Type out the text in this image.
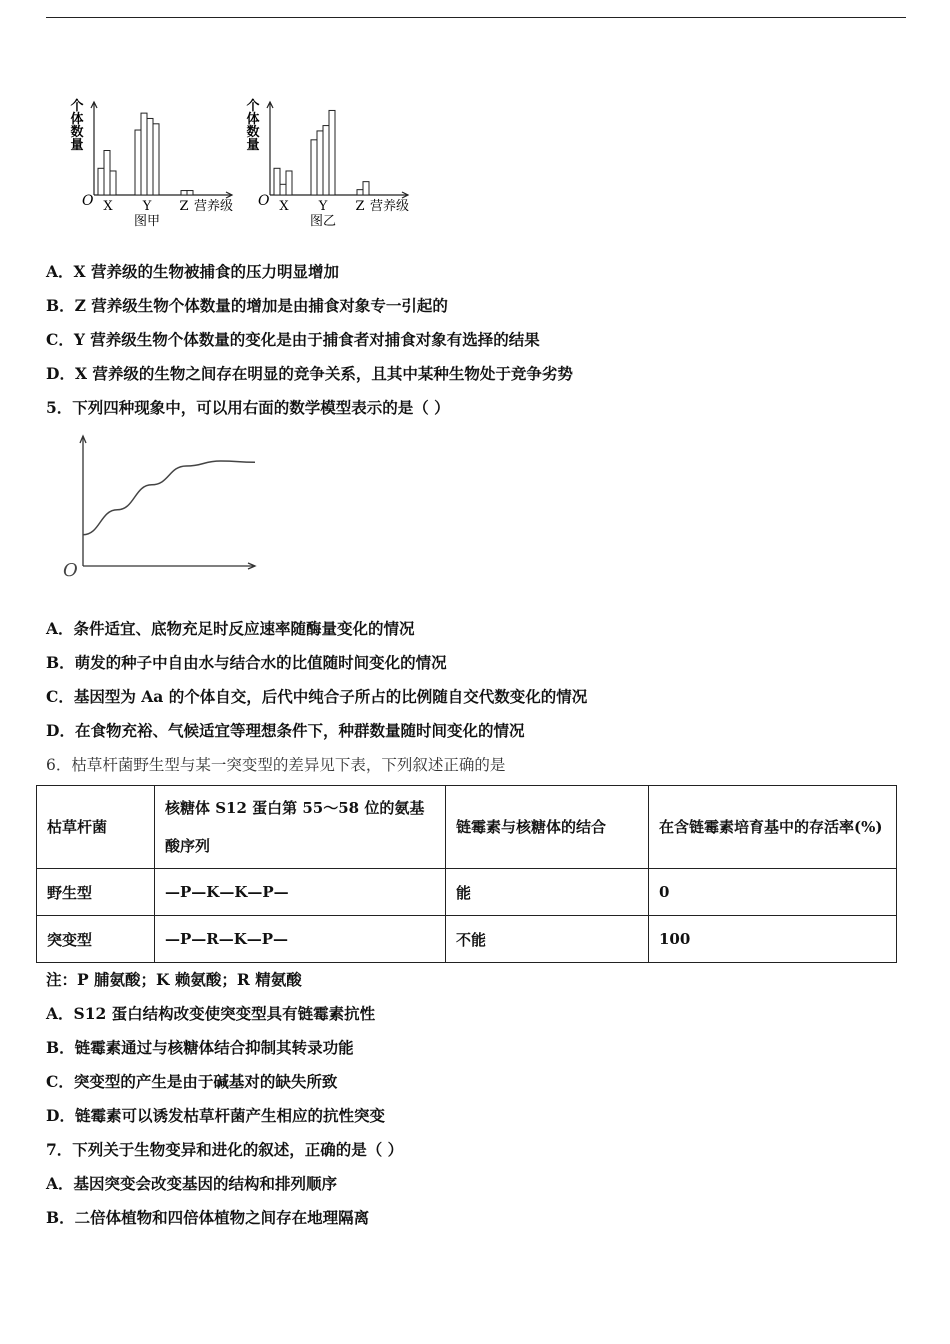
个体数量
O X Y Z 营养级
图甲
个体数量
O X Y Z 营养级
图乙
A．X 营养级的生物被捕食的压力明显增加
B．Z 营养级生物个体数量的增加是由捕食对象专一引起的
C．Y 营养级生物个体数量的变化是由于捕食者对捕食对象有选择的结果
D．X 营养级的生物之间存在明显的竞争关系，且其中某种生物处于竞争劣势
5．下列四种现象中，可以用右面的数学模型表示的是（ ）
O
A．条件适宜、底物充足时反应速率随酶量变化的情况
B．萌发的种子中自由水与结合水的比值随时间变化的情况
C．基因型为 Aa 的个体自交，后代中纯合子所占的比例随自交代数变化的情况
D．在食物充裕、气候适宜等理想条件下，种群数量随时间变化的情况
6．枯草杆菌野生型与某一突变型的差异见下表，下列叙述正确的是
枯草杆菌	核糖体 S12 蛋白第 55～58 位的氨基酸序列	链霉素与核糖体的结合	在含链霉素培育基中的存活率(%)
野生型	—P—K—K—P—	能	0
突变型	—P—R—K—P—	不能	100
注：P 脯氨酸；K 赖氨酸；R 精氨酸
A．S12 蛋白结构改变使突变型具有链霉素抗性
B．链霉素通过与核糖体结合抑制其转录功能
C．突变型的产生是由于碱基对的缺失所致
D．链霉素可以诱发枯草杆菌产生相应的抗性突变
7．下列关于生物变异和进化的叙述，正确的是（ ）
A．基因突变会改变基因的结构和排列顺序
B．二倍体植物和四倍体植物之间存在地理隔离
